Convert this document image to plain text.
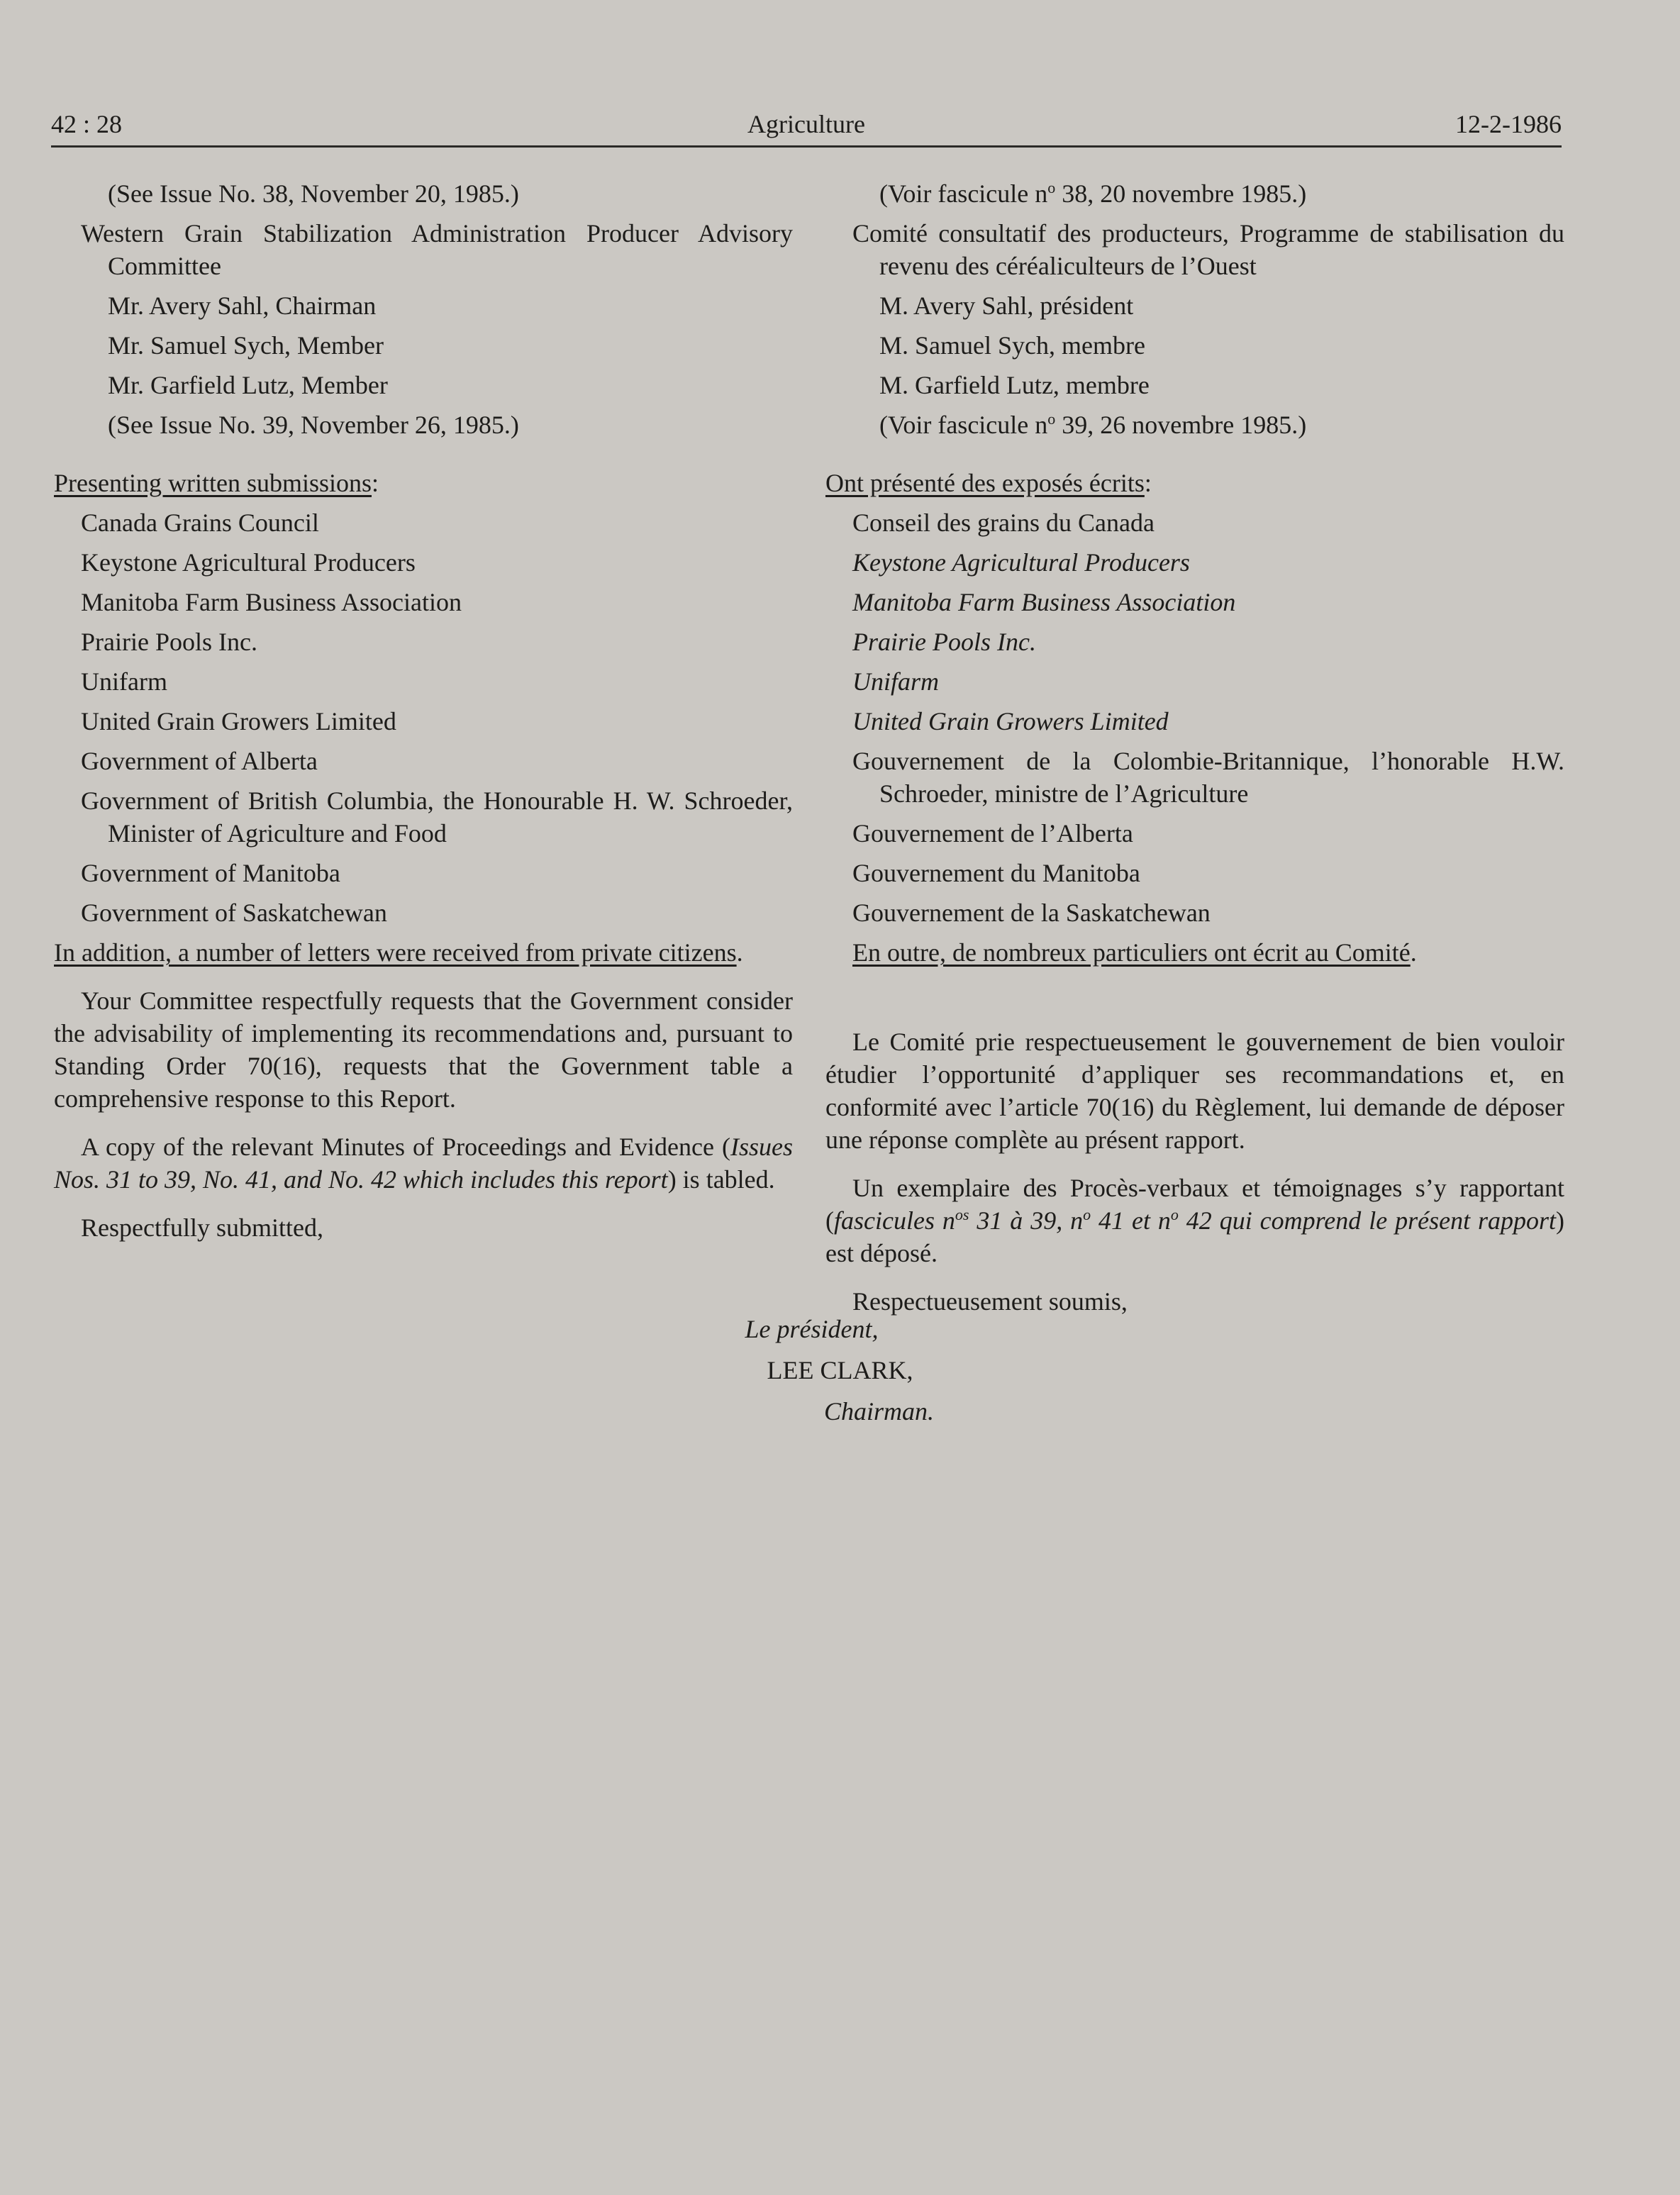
42 : 28	Agriculture	12-2-1986

(See Issue No. 38, November 20, 1985.)

Western Grain Stabilization Administration Producer Advisory Committee

Mr. Avery Sahl, Chairman

Mr. Samuel Sych, Member

Mr. Garfield Lutz, Member

(See Issue No. 39, November 26, 1985.)

Presenting written submissions:

Canada Grains Council

Keystone Agricultural Producers

Manitoba Farm Business Association

Prairie Pools Inc.

Unifarm

United Grain Growers Limited

Government of Alberta

Government of British Columbia, the Honourable H. W. Schroeder, Minister of Agriculture and Food

Government of Manitoba

Government of Saskatchewan

In addition, a number of letters were received from private citizens.

Your Committee respectfully requests that the Government consider the advisability of implementing its recommendations and, pursuant to Standing Order 70(16), requests that the Government table a comprehensive response to this Report.

A copy of the relevant Minutes of Proceedings and Evidence (Issues Nos. 31 to 39, No. 41, and No. 42 which includes this report) is tabled.

Respectfully submitted,

(Voir fascicule $n^o$ 38, 20 novembre 1985.)

Comité consultatif des producteurs, Programme de stabilisation du revenu des céréaliculteurs de l’Ouest

M. Avery Sahl, président

M. Samuel Sych, membre

M. Garfield Lutz, membre

(Voir fascicule $n^o$ 39, 26 novembre 1985.)

Ont présenté des exposés écrits:

Conseil des grains du Canada

Keystone Agricultural Producers

Manitoba Farm Business Association

Prairie Pools Inc.

Unifarm

United Grain Growers Limited

Gouvernement de la Colombie-Britannique, l’honorable H.W. Schroeder, ministre de l’Agriculture

Gouvernement de l’Alberta

Gouvernement du Manitoba

Gouvernement de la Saskatchewan

En outre, de nombreux particuliers ont écrit au Comité.

Le Comité prie respectueusement le gouvernement de bien vouloir étudier l’opportunité d’appliquer ses recommandations et, en conformité avec l’article 70(16) du Règlement, lui demande de déposer une réponse complète au présent rapport.

Un exemplaire des Procès-verbaux et témoignages s’y rapportant (fascicules $n^{os}$ 31 à 39, $n^o$ 41 et $n^o$ 42 qui comprend le présent rapport) est déposé.

Respectueusement soumis,

Le président,
LEE CLARK,
Chairman.
